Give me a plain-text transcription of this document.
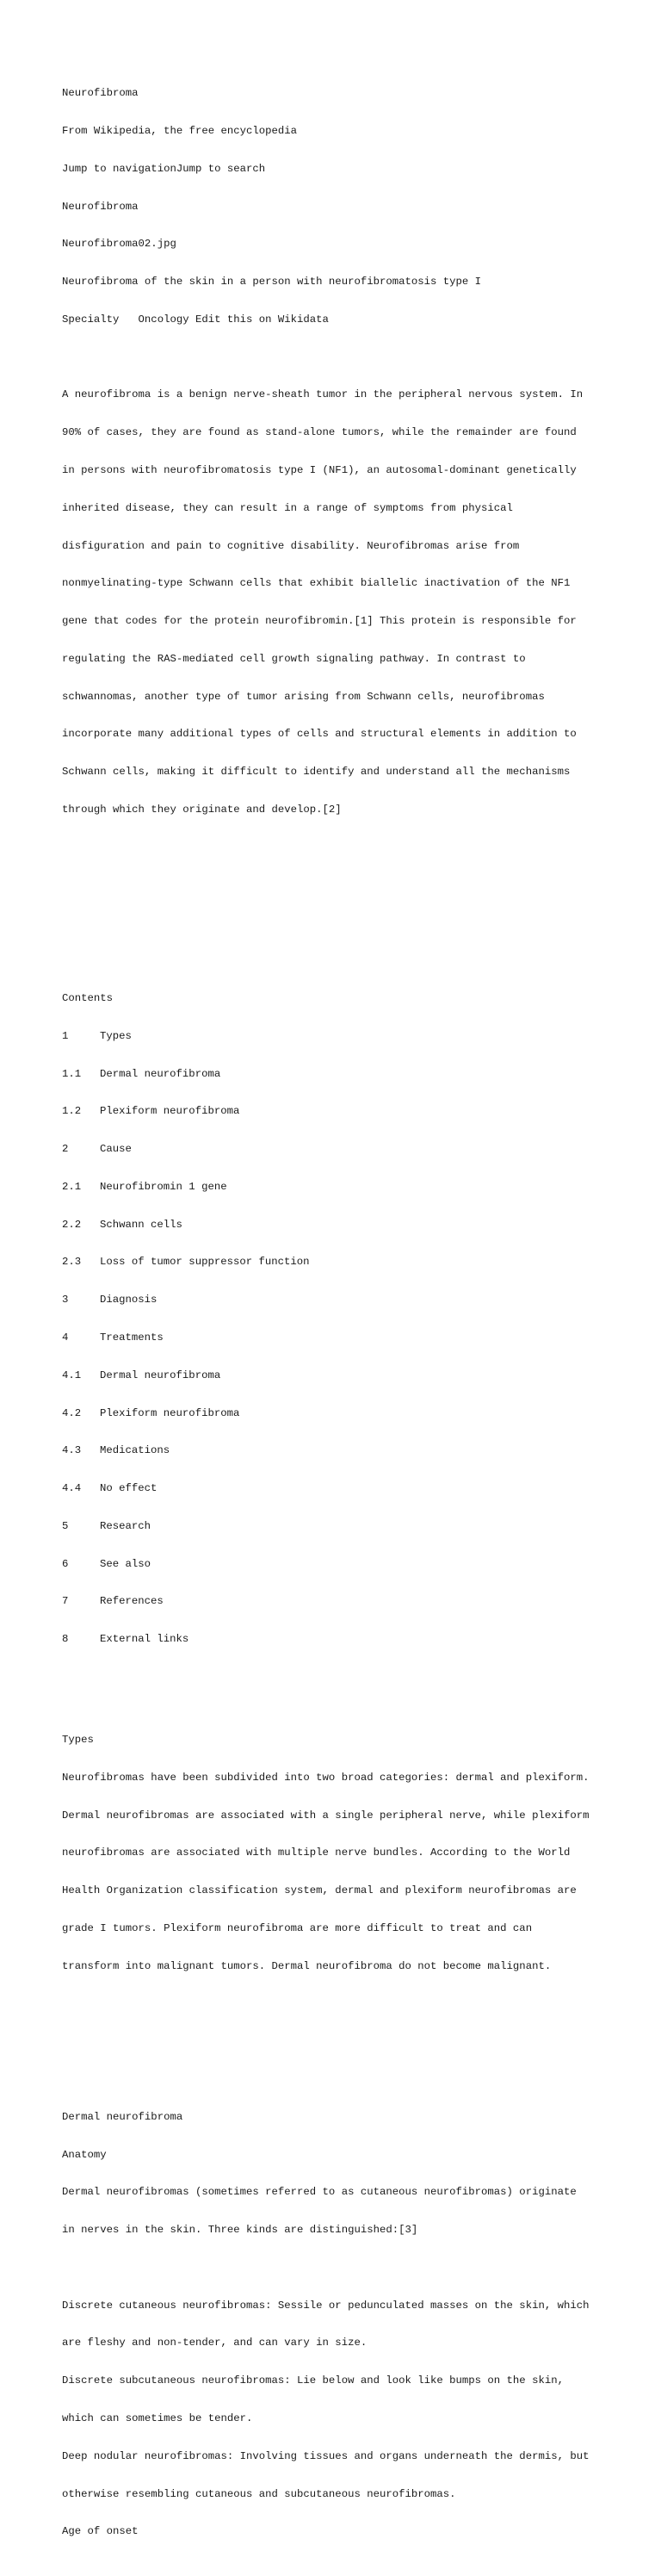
Neurofibroma

From Wikipedia, the free encyclopedia

Jump to navigationJump to search

Neurofibroma

Neurofibroma02.jpg

Neurofibroma of the skin in a person with neurofibromatosis type I

Specialty   Oncology Edit this on Wikidata

A neurofibroma is a benign nerve-sheath tumor in the peripheral nervous system. In

90% of cases, they are found as stand-alone tumors, while the remainder are found

in persons with neurofibromatosis type I (NF1), an autosomal-dominant genetically

inherited disease, they can result in a range of symptoms from physical

disfiguration and pain to cognitive disability. Neurofibromas arise from

nonmyelinating-type Schwann cells that exhibit biallelic inactivation of the NF1

gene that codes for the protein neurofibromin.[1] This protein is responsible for

regulating the RAS-mediated cell growth signaling pathway. In contrast to

schwannomas, another type of tumor arising from Schwann cells, neurofibromas

incorporate many additional types of cells and structural elements in addition to

Schwann cells, making it difficult to identify and understand all the mechanisms

through which they originate and develop.[2]

Contents

1	Types

1.1 Dermal neurofibroma

1.2 Plexiform neurofibroma

2	Cause

2.1 Neurofibromin 1 gene

2.2 Schwann cells

2.3 Loss of tumor suppressor function

3	Diagnosis

4	Treatments

4.1 Dermal neurofibroma

4.2 Plexiform neurofibroma

4.3 Medications

4.4 No effect

5	Research

6	See also

7	References

8	External links

Types

Neurofibromas have been subdivided into two broad categories: dermal and plexiform.

Dermal neurofibromas are associated with a single peripheral nerve, while plexiform

neurofibromas are associated with multiple nerve bundles. According to the World

Health Organization classification system, dermal and plexiform neurofibromas are

grade I tumors. Plexiform neurofibroma are more difficult to treat and can

transform into malignant tumors. Dermal neurofibroma do not become malignant.

Dermal neurofibroma

Anatomy

Dermal neurofibromas (sometimes referred to as cutaneous neurofibromas) originate

in nerves in the skin. Three kinds are distinguished:[3]

Discrete cutaneous neurofibromas: Sessile or pedunculated masses on the skin, which

are fleshy and non-tender, and can vary in size.

Discrete subcutaneous neurofibromas: Lie below and look like bumps on the skin,

which can sometimes be tender.

Deep nodular neurofibromas: Involving tissues and organs underneath the dermis, but

otherwise resembling cutaneous and subcutaneous neurofibromas.

Age of onset
